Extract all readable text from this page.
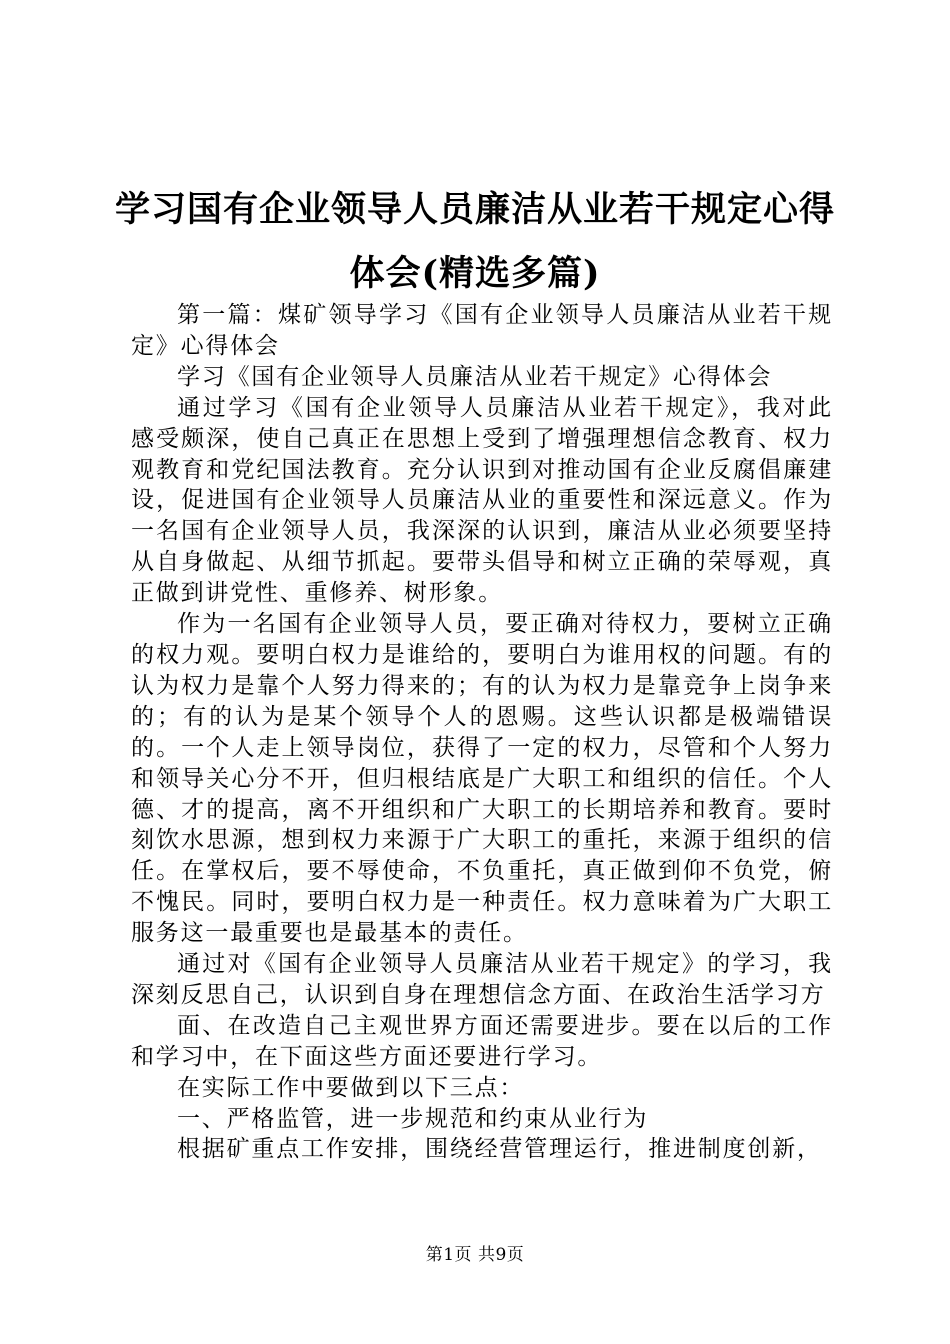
学习国有企业领导人员廉洁从业若干规定心得
体会(精选多篇)

第一篇：煤矿领导学习《国有企业领导人员廉洁从业若干规定》心得体会

学习《国有企业领导人员廉洁从业若干规定》心得体会

通过学习《国有企业领导人员廉洁从业若干规定》，我对此感受颇深，使自己真正在思想上受到了增强理想信念教育、权力观教育和党纪国法教育。充分认识到对推动国有企业反腐倡廉建设，促进国有企业领导人员廉洁从业的重要性和深远意义。作为一名国有企业领导人员，我深深的认识到，廉洁从业必须要坚持从自身做起、从细节抓起。要带头倡导和树立正确的荣辱观，真正做到讲党性、重修养、树形象。

作为一名国有企业领导人员，要正确对待权力，要树立正确的权力观。要明白权力是谁给的，要明白为谁用权的问题。有的认为权力是靠个人努力得来的；有的认为权力是靠竞争上岗争来的；有的认为是某个领导个人的恩赐。这些认识都是极端错误的。一个人走上领导岗位，获得了一定的权力，尽管和个人努力和领导关心分不开，但归根结底是广大职工和组织的信任。个人德、才的提高，离不开组织和广大职工的长期培养和教育。要时刻饮水思源，想到权力来源于广大职工的重托，来源于组织的信任。在掌权后，要不辱使命，不负重托，真正做到仰不负党，俯不愧民。同时，要明白权力是一种责任。权力意味着为广大职工服务这一最重要也是最基本的责任。

通过对《国有企业领导人员廉洁从业若干规定》的学习，我深刻反思自己，认识到自身在理想信念方面、在政治生活学习方

面、在改造自己主观世界方面还需要进步。要在以后的工作和学习中，在下面这些方面还要进行学习。

在实际工作中要做到以下三点：

一、严格监管，进一步规范和约束从业行为

根据矿重点工作安排，围绕经营管理运行，推进制度创新，

第1页 共9页
